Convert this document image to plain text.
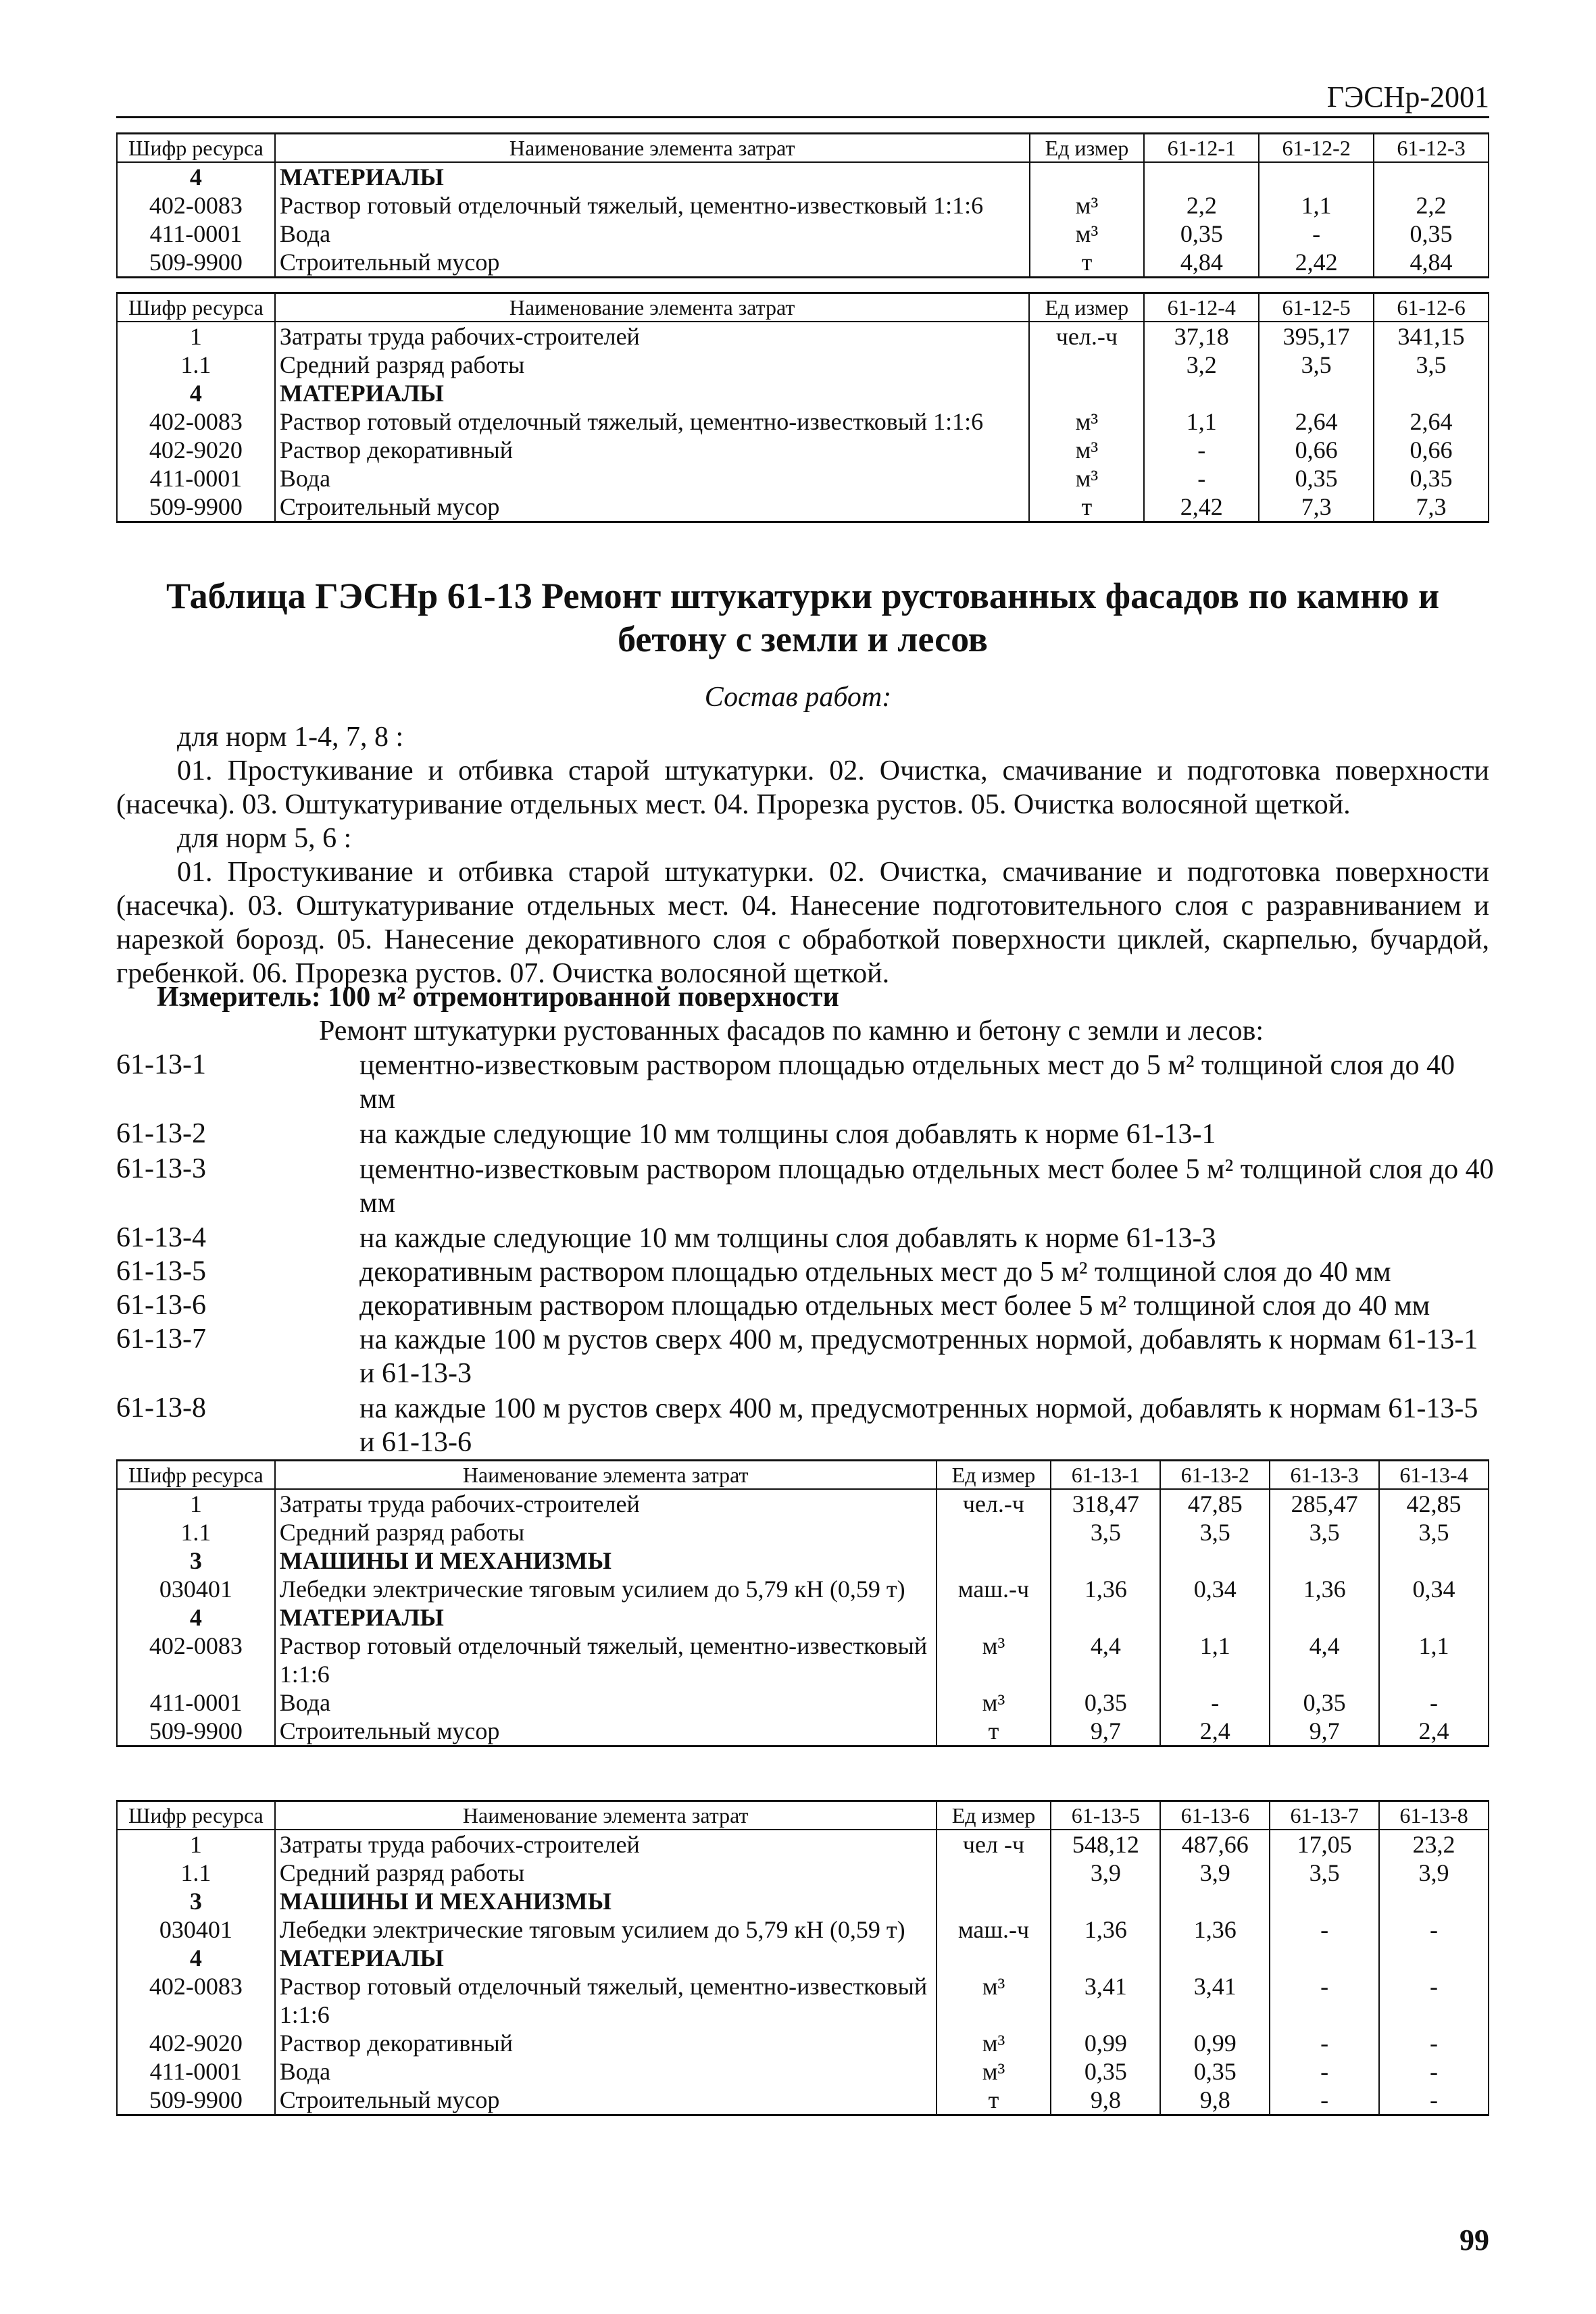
ГЭСНр-2001
Шифр ресурса	Наименование элемента затрат	Ед измер	61-12-1	61-12-2	61-12-3
4	МАТЕРИАЛЫ				
402-0083	Раствор готовый отделочный тяжелый, цементно-известковый 1:1:6	м³	2,2	1,1	2,2
411-0001	Вода	м³	0,35	-	0,35
509-9900	Строительный мусор	т	4,84	2,42	4,84
Шифр ресурса	Наименование элемента затрат	Ед измер	61-12-4	61-12-5	61-12-6
1	Затраты труда рабочих-строителей	чел.-ч	37,18	395,17	341,15
1.1	Средний разряд работы		3,2	3,5	3,5
4	МАТЕРИАЛЫ				
402-0083	Раствор готовый отделочный тяжелый, цементно-известковый 1:1:6	м³	1,1	2,64	2,64
402-9020	Раствор декоративный	м³	-	0,66	0,66
411-0001	Вода	м³	-	0,35	0,35
509-9900	Строительный мусор	т	2,42	7,3	7,3
Таблица ГЭСНр 61-13 Ремонт штукатурки рустованных фасадов по камню и бетону с земли и лесов
Состав работ:
для норм 1-4, 7, 8 :
01. Простукивание и отбивка старой штукатурки. 02. Очистка, смачивание и подготовка поверхности (насечка). 03. Оштукатуривание отдельных мест. 04. Прорезка рустов. 05. Очистка волосяной щеткой.
для норм 5, 6 :
01. Простукивание и отбивка старой штукатурки. 02. Очистка, смачивание и подготовка поверхности (насечка). 03. Оштукатуривание отдельных мест. 04. Нанесение подготовительного слоя с разравниванием и нарезкой борозд. 05. Нанесение декоративного слоя с обработкой поверхности циклей, скарпелью, бучардой, гребенкой. 06. Прорезка рустов. 07. Очистка волосяной щеткой.
Измеритель: 100 м² отремонтированной поверхности
Ремонт штукатурки рустованных фасадов по камню и бетону с земли и лесов:
61-13-1	цементно-известковым раствором площадью отдельных мест до 5 м² толщиной слоя до 40 мм
61-13-2	на каждые следующие 10 мм толщины слоя добавлять к норме 61-13-1
61-13-3	цементно-известковым раствором площадью отдельных мест более 5 м² толщиной слоя до 40 мм
61-13-4	на каждые следующие 10 мм толщины слоя добавлять к норме 61-13-3
61-13-5	декоративным раствором площадью отдельных мест до 5 м² толщиной слоя до 40 мм
61-13-6	декоративным раствором площадью отдельных мест более 5 м² толщиной слоя до 40 мм
61-13-7	на каждые 100 м рустов сверх 400 м, предусмотренных нормой, добавлять к нормам 61-13-1 и 61-13-3
61-13-8	на каждые 100 м рустов сверх 400 м, предусмотренных нормой, добавлять к нормам 61-13-5 и 61-13-6
Шифр ресурса	Наименование элемента затрат	Ед измер	61-13-1	61-13-2	61-13-3	61-13-4
1	Затраты труда рабочих-строителей	чел.-ч	318,47	47,85	285,47	42,85
1.1	Средний разряд работы		3,5	3,5	3,5	3,5
3	МАШИНЫ И МЕХАНИЗМЫ					
030401	Лебедки электрические тяговым усилием до 5,79 кН (0,59 т)	маш.-ч	1,36	0,34	1,36	0,34
4	МАТЕРИАЛЫ					
402-0083	Раствор готовый отделочный тяжелый, цементно-известковый 1:1:6	м³	4,4	1,1	4,4	1,1
411-0001	Вода	м³	0,35	-	0,35	-
509-9900	Строительный мусор	т	9,7	2,4	9,7	2,4
Шифр ресурса	Наименование элемента затрат	Ед измер	61-13-5	61-13-6	61-13-7	61-13-8
1	Затраты труда рабочих-строителей	чел -ч	548,12	487,66	17,05	23,2
1.1	Средний разряд работы		3,9	3,9	3,5	3,9
3	МАШИНЫ И МЕХАНИЗМЫ					
030401	Лебедки электрические тяговым усилием до 5,79 кН (0,59 т)	маш.-ч	1,36	1,36	-	-
4	МАТЕРИАЛЫ					
402-0083	Раствор готовый отделочный тяжелый, цементно-известковый 1:1:6	м³	3,41	3,41	-	-
402-9020	Раствор декоративный	м³	0,99	0,99	-	-
411-0001	Вода	м³	0,35	0,35	-	-
509-9900	Строительный мусор	т	9,8	9,8	-	-
99
